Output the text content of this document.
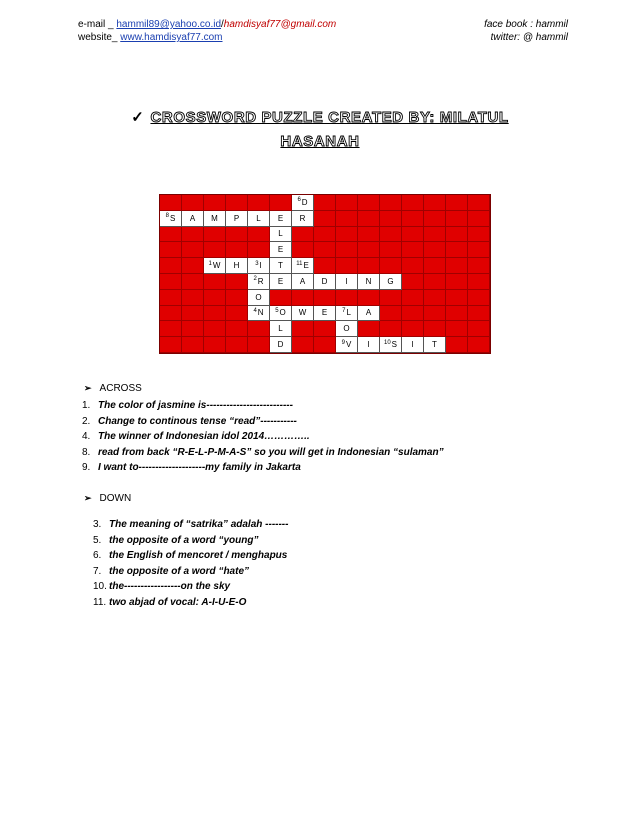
e-mail _ hammil89@yahoo.co.id/hamdisyaf77@gmail.com
website_ www.hamdisyaf77.com
face book : hammil
twitter: @ hammil
✓ CROSSWORD PUZZLE CREATED BY: MILATUL
HASANAH
$^6$ D
$^8$ S A M P L E R
L
E
$^1$ W H	$^3$ I T $^{11}$ E
$^2$ R E A D I N G
O
$^4$ N $^5$ O W E $^7$ L A
L	O
D	$^9$ V I $^{10}$ S I T
➢ ACROSS
1. The color of jasmine is--------------------------
2. Change to continous tense “read”-----------
4. The winner of Indonesian idol 2014…………..
8. read from back “R-E-L-P-M-A-S” so you will get in Indonesian “sulaman”
9. I want to--------------------my family in Jakarta
➢ DOWN
3. The meaning of “satrika” adalah -------
5. the opposite of a word “young”
6. the English of mencoret / menghapus
7. the opposite of a word “hate”
10. the-----------------on the sky
11. two abjad of vocal: A-I-U-E-O
